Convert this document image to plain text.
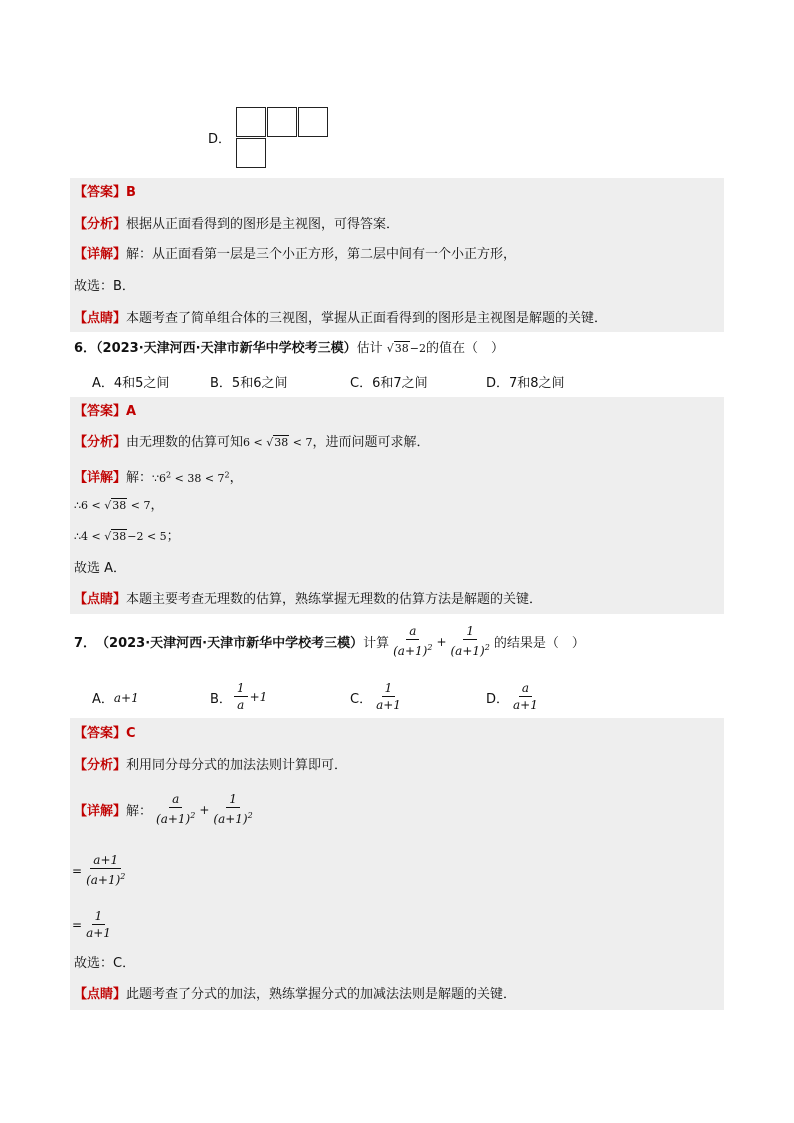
D．
【答案】B
【分析】根据从正面看得到的图形是主视图，可得答案．
【详解】解：从正面看第一层是三个小正方形，第二层中间有一个小正方形，
故选：B．
【点睛】本题考查了简单组合体的三视图，掌握从正面看得到的图形是主视图是解题的关键．
6．（2023·天津河西·天津市新华中学校考三模）估计 √38−2的值在（　）
A．4和5之间	B．5和6之间	C．6和7之间	D．7和8之间
【答案】A
【分析】由无理数的估算可知6 < √38 < 7，进而问题可求解．
【详解】解：$\because 6^2 < 38 < 7^2$，
∴6 < √38 < 7，
∴4 < √38−2 < 5；
故选 A．
【点睛】本题主要考查无理数的估算，熟练掌握无理数的估算方法是解题的关键．
7． （2023·天津河西·天津市新华中学校考三模） 计算 $\frac{a}{(a+1)^2} + \frac{1}{(a+1)^2}$ 的结果是（　）
A． a+1	B． $\frac{1}{a} +1$	C． $\frac{1}{a+1}$	D． $\frac{a}{a+1}$
【答案】C
【分析】利用同分母分式的加法法则计算即可．
【详解】 解： $\frac{a}{(a+1)^2} + \frac{1}{(a+1)^2}$
= $\frac{a+1}{(a+1)^2}$
= $\frac{1}{a+1}$
故选：C．
【点睛】此题考查了分式的加法，熟练掌握分式的加减法法则是解题的关键．
